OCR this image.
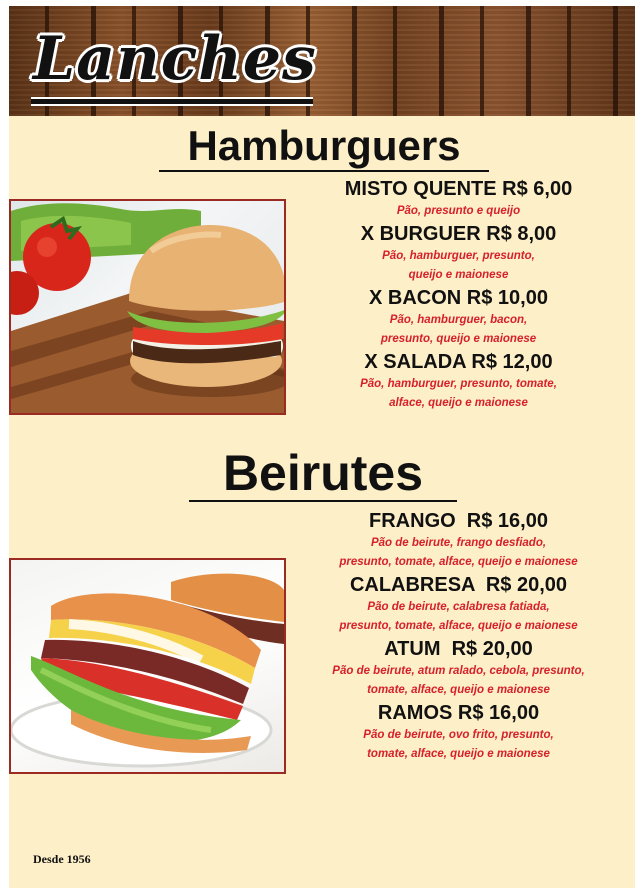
Lanches
Hamburguers
MISTO QUENTE R$ 6,00
Pão, presunto e queijo
X BURGUER R$ 8,00
Pão, hamburguer, presunto,
queijo e maionese
X BACON R$ 10,00
Pão, hamburguer, bacon,
presunto, queijo e maionese
X SALADA R$ 12,00
Pão, hamburguer, presunto, tomate,
alface, queijo e maionese
Beirutes
FRANGO  R$ 16,00
Pão de beirute, frango desfiado,
presunto, tomate, alface, queijo e maionese
CALABRESA  R$ 20,00
Pão de beirute, calabresa fatiada,
presunto, tomate, alface, queijo e maionese
ATUM  R$ 20,00
Pão de beirute, atum ralado, cebola, presunto,
tomate, alface, queijo e maionese
RAMOS R$ 16,00
Pão de beirute, ovo frito, presunto,
tomate, alface, queijo e maionese
Desde 1956
